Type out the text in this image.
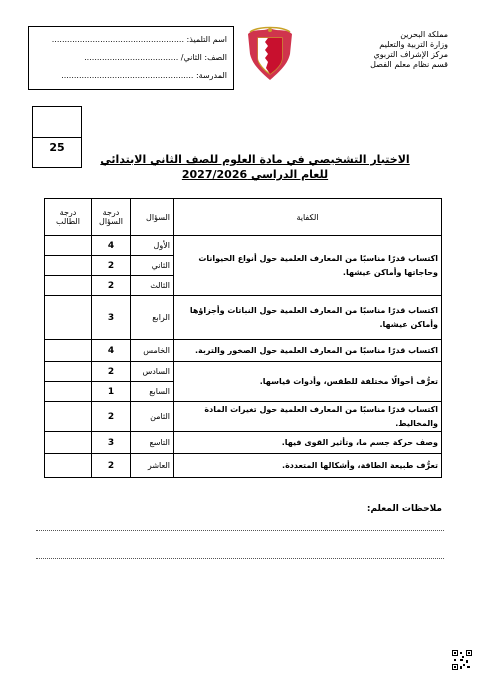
مملكة البحرين
وزارة التربية والتعليم
مركز الإشراف التربوي
قسم نظام معلم الفصل
اسم التلميذ: ....................................................
الصف: الثاني/ .....................................
المدرسة: ....................................................
25
الاختبار التشخيصي في مادة العلوم للصف الثاني الابتدائي
للعام الدراسي 2027/2026
الكفاية	السؤال	درجة السؤال	درجة الطالب
اكتساب قدرًا مناسبًا من المعارف العلمية حول أنواع الحيوانات وحاجاتها وأماكن عيشها.	الأول	4	
	الثاني	2	
	الثالث	2	
اكتساب قدرًا مناسبًا من المعارف العلمية حول النباتات وأجزاؤها وأماكن عيشها.	الرابع	3	
اكتساب قدرًا مناسبًا من المعارف العلمية حول الصخور والتربة.	الخامس	4	
تعرُّف أحوالًا مختلفة للطقس، وأدوات قياسها.	السادس	2	
	السابع	1	
اكتساب قدرًا مناسبًا من المعارف العلمية حول تغيرات المادة والمخاليط.	الثامن	2	
وصف حركة جسم ما، وتأثير القوى فيها.	التاسع	3	
تعرُّف طبيعة الطاقة، وأشكالها المتعددة.	العاشر	2	
ملاحظات المعلم:
